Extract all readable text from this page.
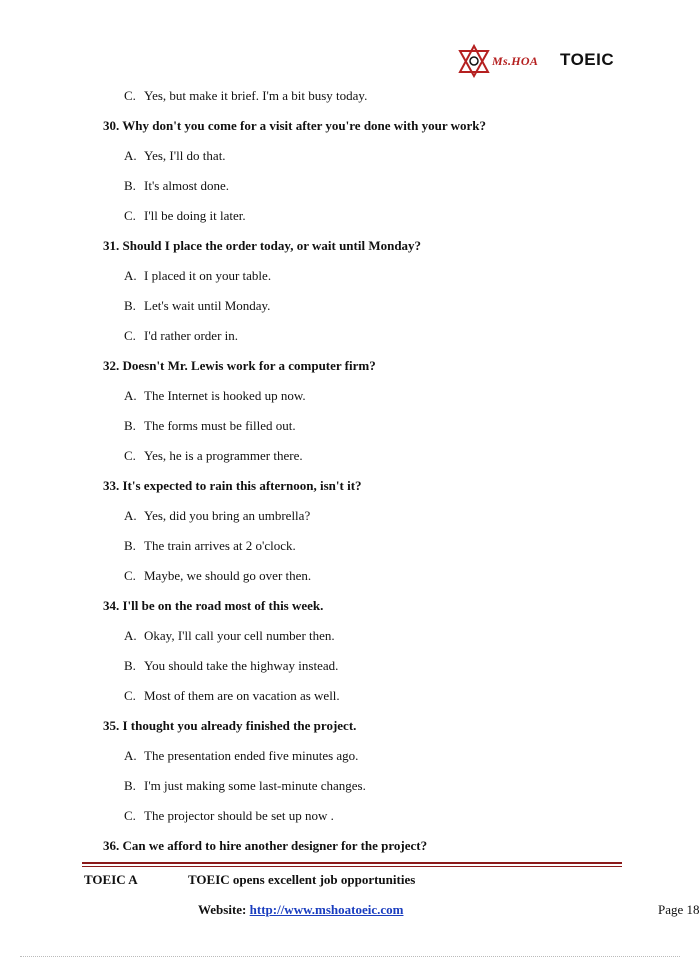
Ms.HOA TOEIC
C. Yes, but make it brief. I'm a bit busy today.
30. Why don't you come for a visit after you're done with your work?
A. Yes, I'll do that.
B. It's almost done.
C. I'll be doing it later.
31. Should I place the order today, or wait until Monday?
A. I placed it on your table.
B. Let's wait until Monday.
C. I'd rather order in.
32. Doesn't Mr. Lewis work for a computer firm?
A. The Internet is hooked up now.
B. The forms must be filled out.
C. Yes, he is a programmer there.
33. It's expected to rain this afternoon, isn't it?
A. Yes, did you bring an umbrella?
B. The train arrives at 2 o'clock.
C. Maybe, we should go over then.
34. I'll be on the road most of this week.
A. Okay, I'll call your cell number then.
B. You should take the highway instead.
C. Most of them are on vacation as well.
35. I thought you already finished the project.
A. The presentation ended five minutes ago.
B. I'm just making some last-minute changes.
C. The projector should be set up now .
36. Can we afford to hire another designer for the project?
TOEIC A	TOEIC opens excellent job opportunities
Website: http://www.mshoatoeic.com	Page 18
